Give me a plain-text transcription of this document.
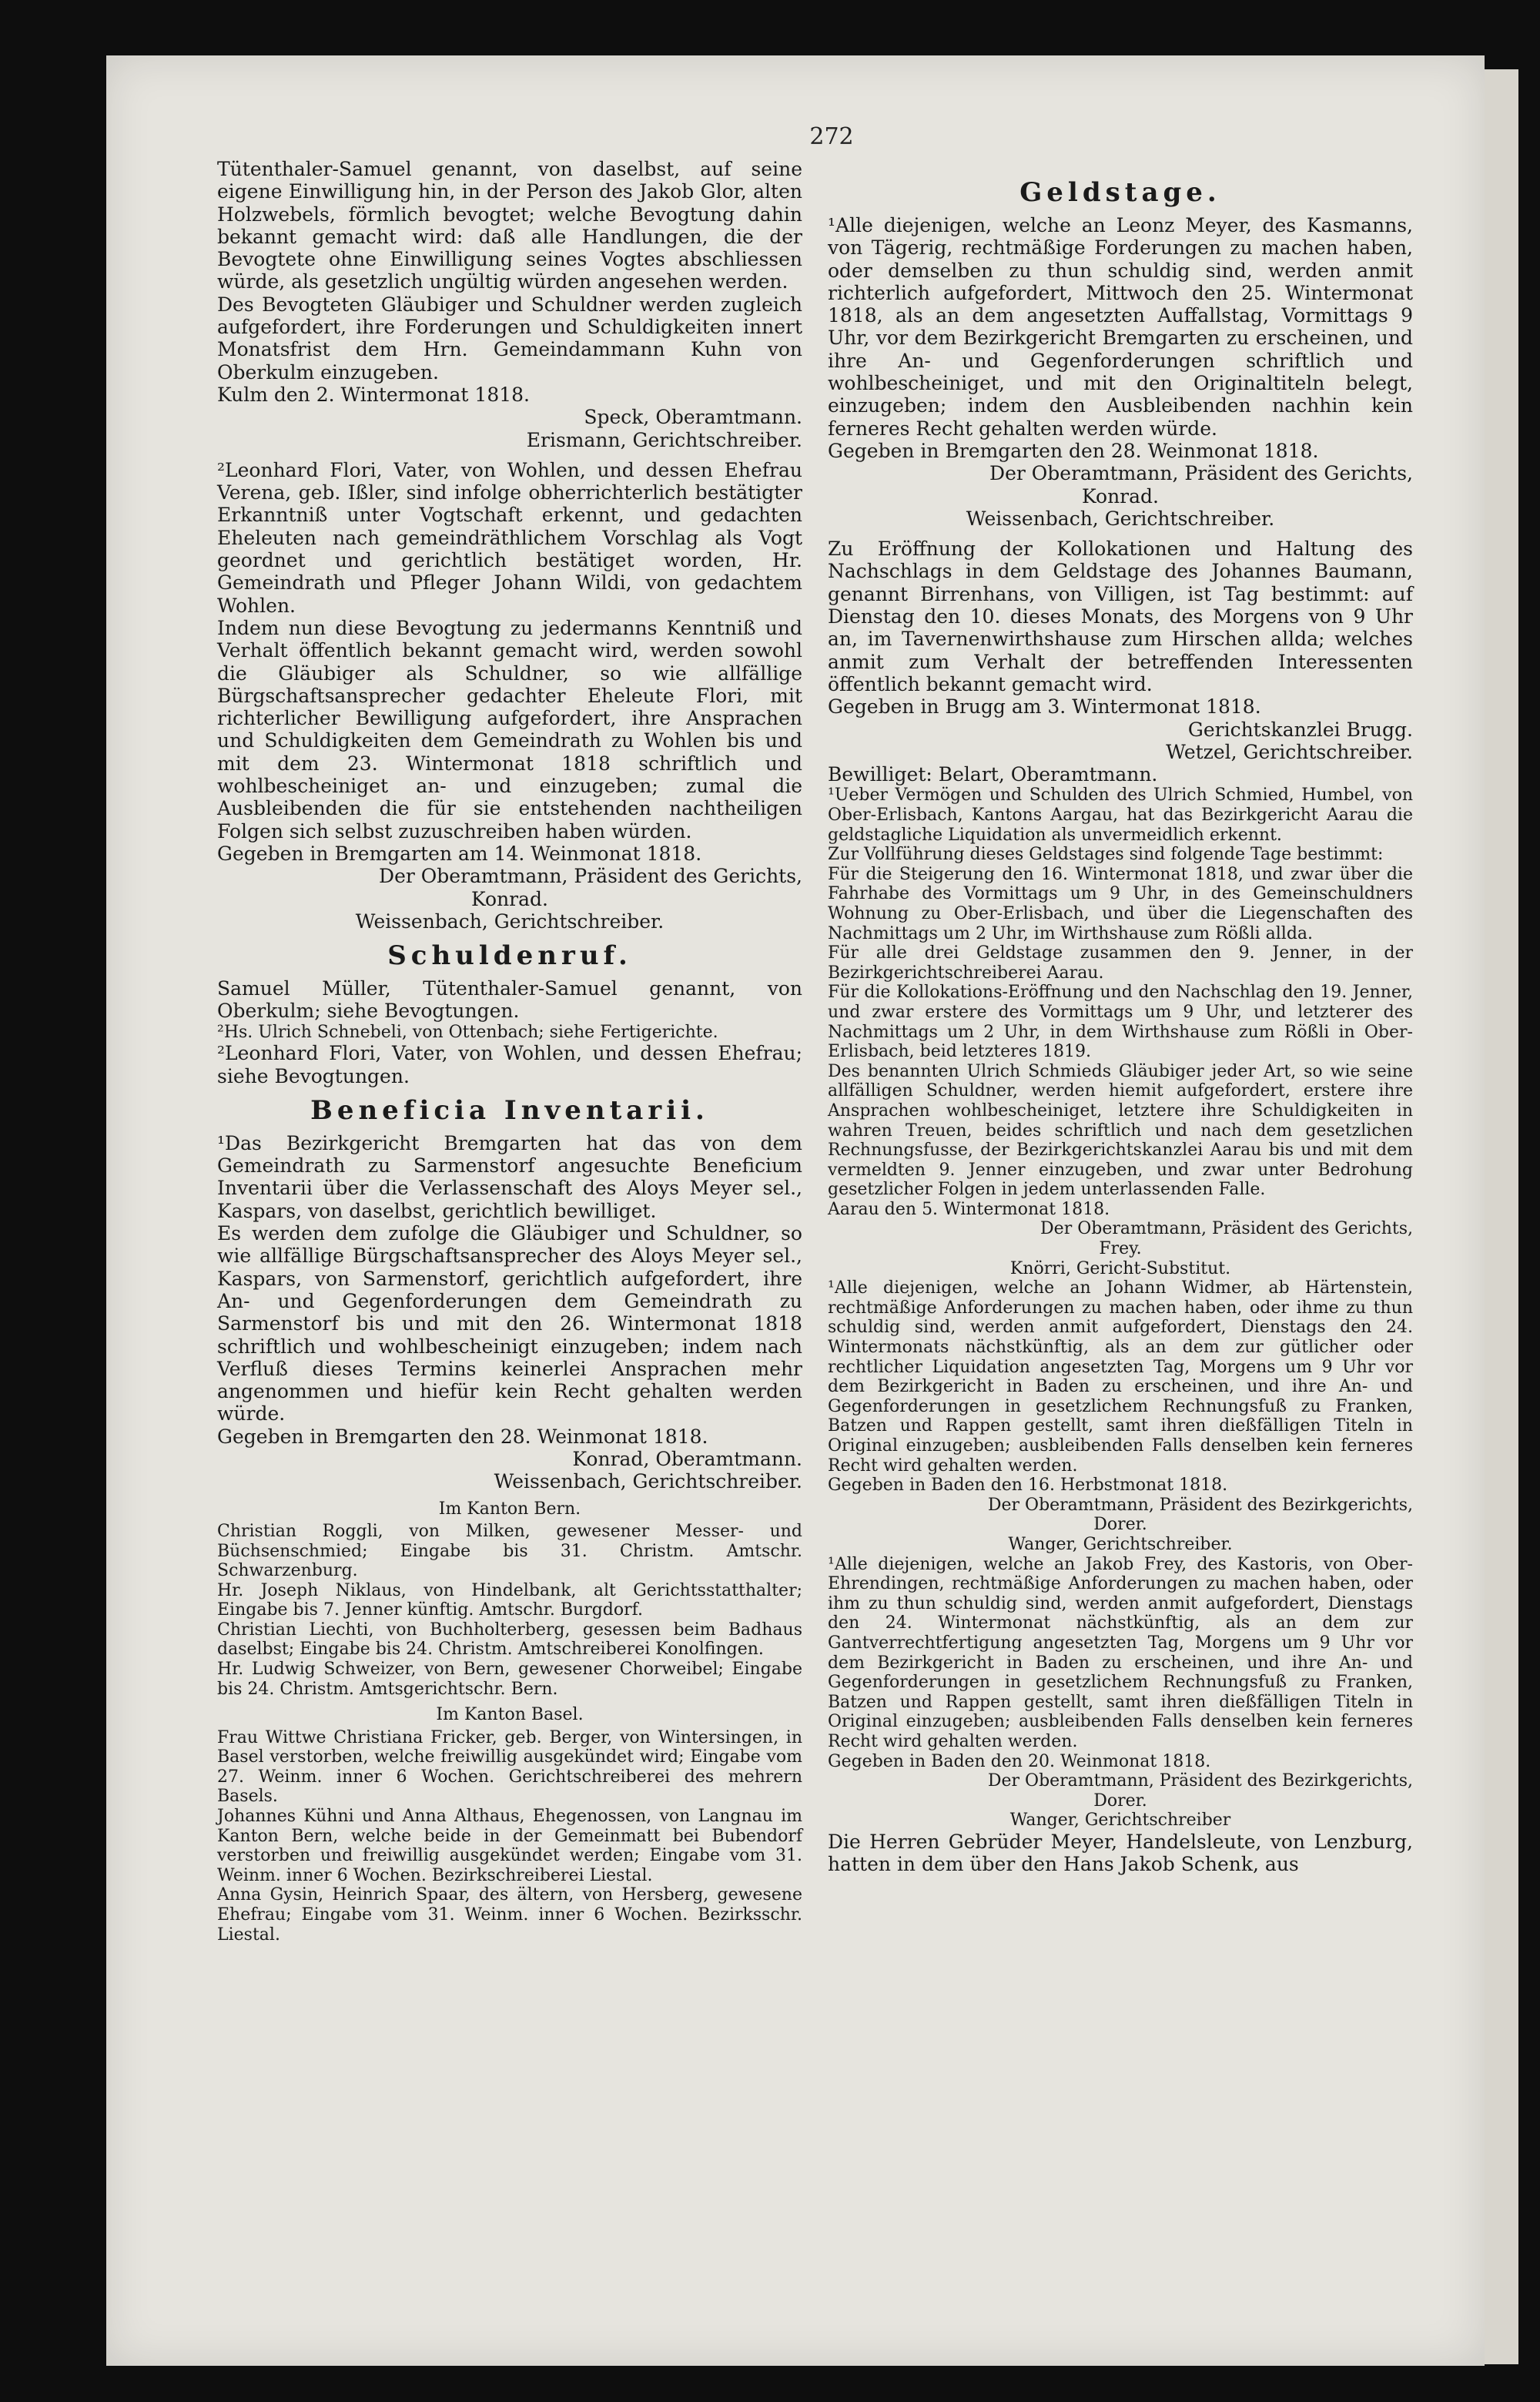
272

Tütenthaler-Samuel genannt, von daselbst, auf seine eigene Einwilligung hin, in der Person des Jakob Glor, alten Holzwebels, förmlich bevogtet; welche Bevogtung dahin bekannt gemacht wird: daß alle Handlungen, die der Bevogtete ohne Einwilligung seines Vogtes abschliessen würde, als gesetzlich ungültig würden angesehen werden.

Des Bevogteten Gläubiger und Schuldner werden zugleich aufgefordert, ihre Forderungen und Schuldigkeiten innert Monatsfrist dem Hrn. Gemeindammann Kuhn von Oberkulm einzugeben.

Kulm den 2. Wintermonat 1818.

Speck, Oberamtmann.

Erismann, Gerichtschreiber.

²Leonhard Flori, Vater, von Wohlen, und dessen Ehefrau Verena, geb. Ißler, sind infolge obherrichterlich bestätigter Erkanntniß unter Vogtschaft erkennt, und gedachten Eheleuten nach gemeindräthlichem Vorschlag als Vogt geordnet und gerichtlich bestätiget worden, Hr. Gemeindrath und Pfleger Johann Wildi, von gedachtem Wohlen.

Indem nun diese Bevogtung zu jedermanns Kenntniß und Verhalt öffentlich bekannt gemacht wird, werden sowohl die Gläubiger als Schuldner, so wie allfällige Bürgschaftsansprecher gedachter Eheleute Flori, mit richterlicher Bewilligung aufgefordert, ihre Ansprachen und Schuldigkeiten dem Gemeindrath zu Wohlen bis und mit dem 23. Wintermonat 1818 schriftlich und wohlbescheiniget an- und einzugeben; zumal die Ausbleibenden die für sie entstehenden nachtheiligen Folgen sich selbst zuzuschreiben haben würden.

Gegeben in Bremgarten am 14. Weinmonat 1818.

Der Oberamtmann, Präsident des Gerichts,

Konrad.

Weissenbach, Gerichtschreiber.

Schuldenruf.

Samuel Müller, Tütenthaler-Samuel genannt, von Oberkulm; siehe Bevogtungen.

²Hs. Ulrich Schnebeli, von Ottenbach; siehe Fertigerichte.

²Leonhard Flori, Vater, von Wohlen, und dessen Ehefrau; siehe Bevogtungen.

Beneficia Inventarii.

¹Das Bezirkgericht Bremgarten hat das von dem Gemeindrath zu Sarmenstorf angesuchte Beneficium Inventarii über die Verlassenschaft des Aloys Meyer sel., Kaspars, von daselbst, gerichtlich bewilliget.

Es werden dem zufolge die Gläubiger und Schuldner, so wie allfällige Bürgschaftsansprecher des Aloys Meyer sel., Kaspars, von Sarmenstorf, gerichtlich aufgefordert, ihre An- und Gegenforderungen dem Gemeindrath zu Sarmenstorf bis und mit den 26. Wintermonat 1818 schriftlich und wohlbescheinigt einzugeben; indem nach Verfluß dieses Termins keinerlei Ansprachen mehr angenommen und hiefür kein Recht gehalten werden würde.

Gegeben in Bremgarten den 28. Weinmonat 1818.

Konrad, Oberamtmann.

Weissenbach, Gerichtschreiber.

Im Kanton Bern.

Christian Roggli, von Milken, gewesener Messer- und Büchsenschmied; Eingabe bis 31. Christm. Amtschr. Schwarzenburg.

Hr. Joseph Niklaus, von Hindelbank, alt Gerichtsstatthalter; Eingabe bis 7. Jenner künftig. Amtschr. Burgdorf.

Christian Liechti, von Buchholterberg, gesessen beim Badhaus daselbst; Eingabe bis 24. Christm. Amtschreiberei Konolfingen.

Hr. Ludwig Schweizer, von Bern, gewesener Chorweibel; Eingabe bis 24. Christm. Amtsgerichtschr. Bern.

Im Kanton Basel.

Frau Wittwe Christiana Fricker, geb. Berger, von Wintersingen, in Basel verstorben, welche freiwillig ausgekündet wird; Eingabe vom 27. Weinm. inner 6 Wochen. Gerichtschreiberei des mehrern Basels.

Johannes Kühni und Anna Althaus, Ehegenossen, von Langnau im Kanton Bern, welche beide in der Gemeinmatt bei Bubendorf verstorben und freiwillig ausgekündet werden; Eingabe vom 31. Weinm. inner 6 Wochen. Bezirkschreiberei Liestal.

Anna Gysin, Heinrich Spaar, des ältern, von Hersberg, gewesene Ehefrau; Eingabe vom 31. Weinm. inner 6 Wochen. Bezirksschr. Liestal.

Geldstage.

¹Alle diejenigen, welche an Leonz Meyer, des Kasmanns, von Tägerig, rechtmäßige Forderungen zu machen haben, oder demselben zu thun schuldig sind, werden anmit richterlich aufgefordert, Mittwoch den 25. Wintermonat 1818, als an dem angesetzten Auffallstag, Vormittags 9 Uhr, vor dem Bezirkgericht Bremgarten zu erscheinen, und ihre An- und Gegenforderungen schriftlich und wohlbescheiniget, und mit den Originaltiteln belegt, einzugeben; indem den Ausbleibenden nachhin kein ferneres Recht gehalten werden würde.

Gegeben in Bremgarten den 28. Weinmonat 1818.

Der Oberamtmann, Präsident des Gerichts,

Konrad.

Weissenbach, Gerichtschreiber.

Zu Eröffnung der Kollokationen und Haltung des Nachschlags in dem Geldstage des Johannes Baumann, genannt Birrenhans, von Villigen, ist Tag bestimmt: auf Dienstag den 10. dieses Monats, des Morgens von 9 Uhr an, im Tavernenwirthshause zum Hirschen allda; welches anmit zum Verhalt der betreffenden Interessenten öffentlich bekannt gemacht wird.

Gegeben in Brugg am 3. Wintermonat 1818.

Gerichtskanzlei Brugg.

Wetzel, Gerichtschreiber.

Bewilliget: Belart, Oberamtmann.

¹Ueber Vermögen und Schulden des Ulrich Schmied, Humbel, von Ober-Erlisbach, Kantons Aargau, hat das Bezirkgericht Aarau die geldstagliche Liquidation als unvermeidlich erkennt.

Zur Vollführung dieses Geldstages sind folgende Tage bestimmt:

Für die Steigerung den 16. Wintermonat 1818, und zwar über die Fahrhabe des Vormittags um 9 Uhr, in des Gemeinschuldners Wohnung zu Ober-Erlisbach, und über die Liegenschaften des Nachmittags um 2 Uhr, im Wirthshause zum Rößli allda.

Für alle drei Geldstage zusammen den 9. Jenner, in der Bezirkgerichtschreiberei Aarau.

Für die Kollokations-Eröffnung und den Nachschlag den 19. Jenner, und zwar erstere des Vormittags um 9 Uhr, und letzterer des Nachmittags um 2 Uhr, in dem Wirthshause zum Rößli in Ober-Erlisbach, beid letzteres 1819.

Des benannten Ulrich Schmieds Gläubiger jeder Art, so wie seine allfälligen Schuldner, werden hiemit aufgefordert, erstere ihre Ansprachen wohlbescheiniget, letztere ihre Schuldigkeiten in wahren Treuen, beides schriftlich und nach dem gesetzlichen Rechnungsfusse, der Bezirkgerichtskanzlei Aarau bis und mit dem vermeldten 9. Jenner einzugeben, und zwar unter Bedrohung gesetzlicher Folgen in jedem unterlassenden Falle.

Aarau den 5. Wintermonat 1818.

Der Oberamtmann, Präsident des Gerichts,

Frey.

Knörri, Gericht-Substitut.

¹Alle diejenigen, welche an Johann Widmer, ab Härtenstein, rechtmäßige Anforderungen zu machen haben, oder ihme zu thun schuldig sind, werden anmit aufgefordert, Dienstags den 24. Wintermonats nächstkünftig, als an dem zur gütlicher oder rechtlicher Liquidation angesetzten Tag, Morgens um 9 Uhr vor dem Bezirkgericht in Baden zu erscheinen, und ihre An- und Gegenforderungen in gesetzlichem Rechnungsfuß zu Franken, Batzen und Rappen gestellt, samt ihren dießfälligen Titeln in Original einzugeben; ausbleibenden Falls denselben kein ferneres Recht wird gehalten werden.

Gegeben in Baden den 16. Herbstmonat 1818.

Der Oberamtmann, Präsident des Bezirkgerichts,

Dorer.

Wanger, Gerichtschreiber.

¹Alle diejenigen, welche an Jakob Frey, des Kastoris, von Ober-Ehrendingen, rechtmäßige Anforderungen zu machen haben, oder ihm zu thun schuldig sind, werden anmit aufgefordert, Dienstags den 24. Wintermonat nächstkünftig, als an dem zur Gantverrechtfertigung angesetzten Tag, Morgens um 9 Uhr vor dem Bezirkgericht in Baden zu erscheinen, und ihre An- und Gegenforderungen in gesetzlichem Rechnungsfuß zu Franken, Batzen und Rappen gestellt, samt ihren dießfälligen Titeln in Original einzugeben; ausbleibenden Falls denselben kein ferneres Recht wird gehalten werden.

Gegeben in Baden den 20. Weinmonat 1818.

Der Oberamtmann, Präsident des Bezirkgerichts,

Dorer.

Wanger, Gerichtschreiber

Die Herren Gebrüder Meyer, Handelsleute, von Lenzburg, hatten in dem über den Hans Jakob Schenk, aus
